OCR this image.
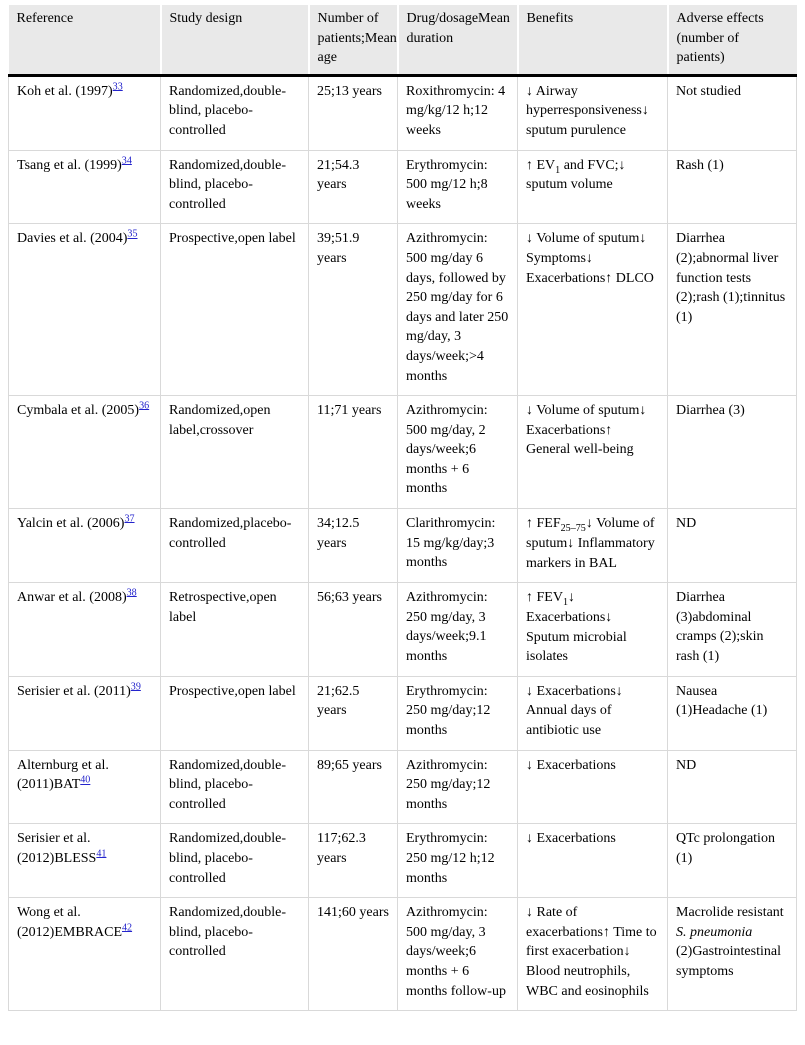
Reference	Study design	Number of patients;Mean age	Drug/dosageMean duration	Benefits	Adverse effects (number of patients)
Koh et al. (1997)$^{33}$	Randomized,double-blind, placebo-controlled	25;13 years	Roxithromycin: 4 mg/kg/12 h;12 weeks	↓ Airway hyperresponsiveness↓ sputum purulence	Not studied
Tsang et al. (1999)$^{34}$	Randomized,double-blind, placebo-controlled	21;54.3 years	Erythromycin: 500 mg/12 h;8 weeks	↑ $EV_1$ and FVC;↓ sputum volume	Rash (1)
Davies et al. (2004)$^{35}$	Prospective,open label	39;51.9 years	Azithromycin: 500 mg/day 6 days, followed by 250 mg/day for 6 days and later 250 mg/day, 3 days/week;>4 months	↓ Volume of sputum↓ Symptoms↓ Exacerbations↑ DLCO	Diarrhea (2);abnormal liver function tests (2);rash (1);tinnitus (1)
Cymbala et al. (2005)$^{36}$	Randomized,open label,crossover	11;71 years	Azithromycin: 500 mg/day, 2 days/week;6 months + 6 months	↓ Volume of sputum↓ Exacerbations↑ General well-being	Diarrhea (3)
Yalcin et al. (2006)$^{37}$	Randomized,placebo-controlled	34;12.5 years	Clarithromycin: 15 mg/kg/day;3 months	↑ $FEF_{25-75}↓$ Volume of sputum↓ Inflammatory markers in BAL	ND
Anwar et al. (2008)$^{38}$	Retrospective,open label	56;63 years	Azithromycin: 250 mg/day, 3 days/week;9.1 months	↑ $FEV_1↓$ Exacerbations↓ Sputum microbial isolates	Diarrhea (3)abdominal cramps (2);skin rash (1)
Serisier et al. (2011)$^{39}$	Prospective,open label	21;62.5 years	Erythromycin: 250 mg/day;12 months	↓ Exacerbations↓ Annual days of antibiotic use	Nausea (1)Headache (1)
Alternburg et al. (2011)BAT$^{40}$	Randomized,double-blind, placebo-controlled	89;65 years	Azithromycin: 250 mg/day;12 months	↓ Exacerbations	ND
Serisier et al. (2012)BLESS$^{41}$	Randomized,double-blind, placebo-controlled	117;62.3 years	Erythromycin: 250 mg/12 h;12 months	↓ Exacerbations	QTc prolongation (1)
Wong et al. (2012)EMBRACE$^{42}$	Randomized,double-blind, placebo-controlled	141;60 years	Azithromycin: 500 mg/day, 3 days/week;6 months + 6 months follow-up	↓ Rate of exacerbations↑ Time to first exacerbation↓ Blood neutrophils, WBC and eosinophils	Macrolide resistant S. pneumonia (2)Gastrointestinal symptoms
